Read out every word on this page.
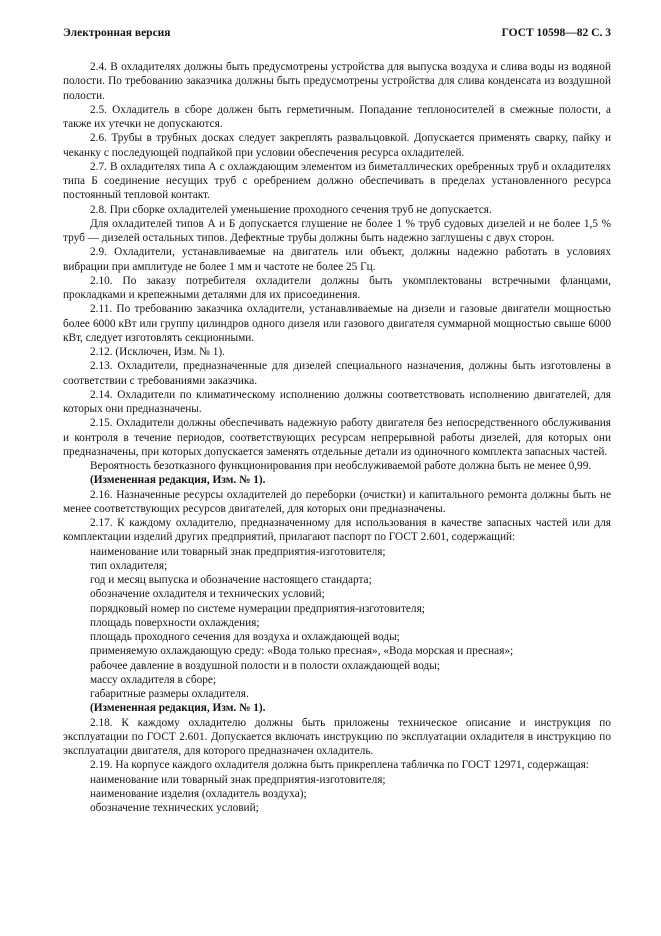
Электронная версия	ГОСТ 10598—82 С. 3

2.4. В охладителях должны быть предусмотрены устройства для выпуска воздуха и слива воды из водяной полости. По требованию заказчика должны быть предусмотрены устройства для слива конденсата из воздушной полости.

2.5. Охладитель в сборе должен быть герметичным. Попадание теплоносителей в смежные полости, а также их утечки не допускаются.

2.6. Трубы в трубных досках следует закреплять развальцовкой. Допускается применять сварку, пайку и чеканку с последующей подпайкой при условии обеспечения ресурса охладителей.

2.7. В охладителях типа А с охлаждающим элементом из биметаллических оребренных труб и охладителях типа Б соединение несущих труб с оребрением должно обеспечивать в пределах установленного ресурса постоянный тепловой контакт.

2.8. При сборке охладителей уменьшение проходного сечения труб не допускается.

Для охладителей типов А и Б допускается глушение не более 1 % труб судовых дизелей и не более 1,5 % труб — дизелей остальных типов. Дефектные трубы должны быть надежно заглушены с двух сторон.

2.9. Охладители, устанавливаемые на двигатель или объект, должны надежно работать в условиях вибрации при амплитуде не более 1 мм и частоте не более 25 Гц.

2.10. По заказу потребителя охладители должны быть укомплектованы встречными фланцами, прокладками и крепежными деталями для их присоединения.

2.11. По требованию заказчика охладители, устанавливаемые на дизели и газовые двигатели мощностью более 6000 кВт или группу цилиндров одного дизеля или газового двигателя суммарной мощностью свыше 6000 кВт, следует изготовлять секционными.

2.12. (Исключен, Изм. № 1).

2.13. Охладители, предназначенные для дизелей специального назначения, должны быть изготовлены в соответствии с требованиями заказчика.

2.14. Охладители по климатическому исполнению должны соответствовать исполнению двигателей, для которых они предназначены.

2.15. Охладители должны обеспечивать надежную работу двигателя без непосредственного обслуживания и контроля в течение периодов, соответствующих ресурсам непрерывной работы дизелей, для которых они предназначены, при которых допускается заменять отдельные детали из одиночного комплекта запасных частей.

Вероятность безотказного функционирования при необслуживаемой работе должна быть не менее 0,99.

(Измененная редакция, Изм. № 1).

2.16. Назначенные ресурсы охладителей до переборки (очистки) и капитального ремонта должны быть не менее соответствующих ресурсов двигателей, для которых они предназначены.

2.17. К каждому охладителю, предназначенному для использования в качестве запасных частей или для комплектации изделий других предприятий, прилагают паспорт по ГОСТ 2.601, содержащий:

наименование или товарный знак предприятия-изготовителя;

тип охладителя;

год и месяц выпуска и обозначение настоящего стандарта;

обозначение охладителя и технических условий;

порядковый номер по системе нумерации предприятия-изготовителя;

площадь поверхности охлаждения;

площадь проходного сечения для воздуха и охлаждающей воды;

применяемую охлаждающую среду: «Вода только пресная», «Вода морская и пресная»;

рабочее давление в воздушной полости и в полости охлаждающей воды;

массу охладителя в сборе;

габаритные размеры охладителя.

(Измененная редакция, Изм. № 1).

2.18. К каждому охладителю должны быть приложены техническое описание и инструкция по эксплуатации по ГОСТ 2.601. Допускается включать инструкцию по эксплуатации охладителя в инструкцию по эксплуатации двигателя, для которого предназначен охладитель.

2.19. На корпусе каждого охладителя должна быть прикреплена табличка по ГОСТ 12971, содержащая:

наименование или товарный знак предприятия-изготовителя;

наименование изделия (охладитель воздуха);

обозначение технических условий;
